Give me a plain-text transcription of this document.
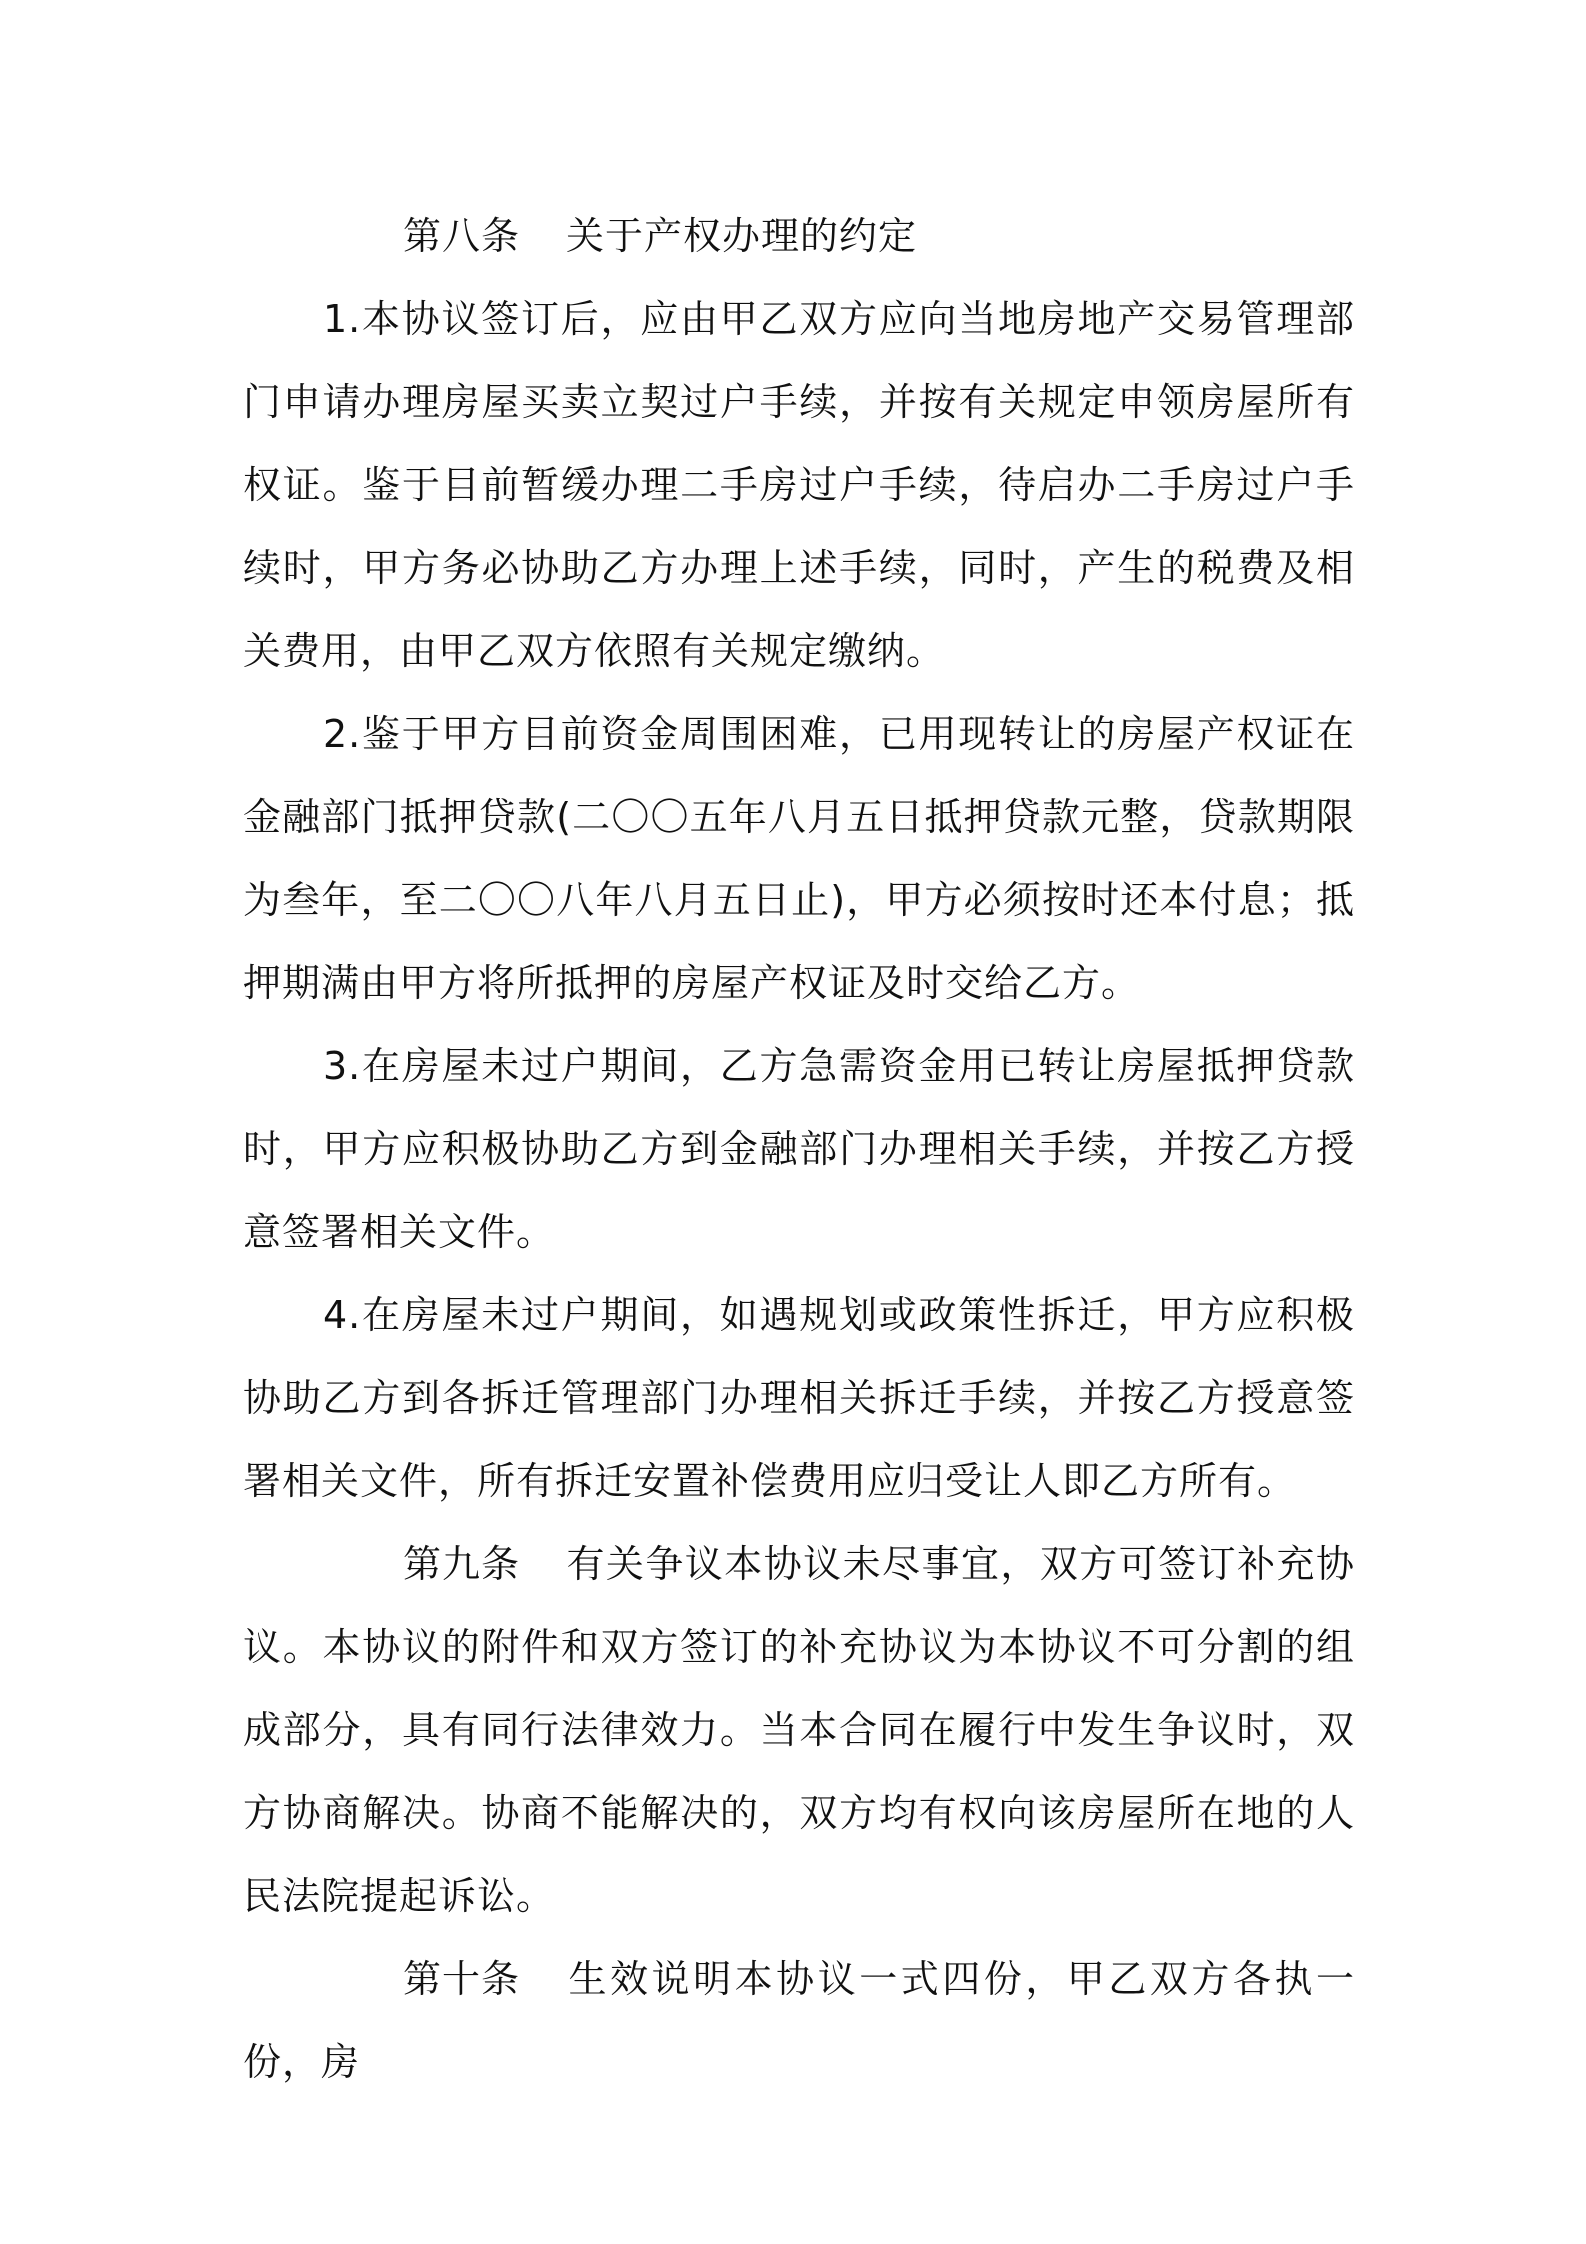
第八条 关于产权办理的约定

1.本协议签订后，应由甲乙双方应向当地房地产交易管理部门申请办理房屋买卖立契过户手续，并按有关规定申领房屋所有权证。鉴于目前暂缓办理二手房过户手续，待启办二手房过户手续时，甲方务必协助乙方办理上述手续，同时，产生的税费及相关费用，由甲乙双方依照有关规定缴纳。

2.鉴于甲方目前资金周围困难，已用现转让的房屋产权证在金融部门抵押贷款(二〇〇五年八月五日抵押贷款元整，贷款期限为叁年，至二〇〇八年八月五日止)，甲方必须按时还本付息；抵押期满由甲方将所抵押的房屋产权证及时交给乙方。

3.在房屋未过户期间，乙方急需资金用已转让房屋抵押贷款时，甲方应积极协助乙方到金融部门办理相关手续，并按乙方授意签署相关文件。

4.在房屋未过户期间，如遇规划或政策性拆迁，甲方应积极协助乙方到各拆迁管理部门办理相关拆迁手续，并按乙方授意签署相关文件，所有拆迁安置补偿费用应归受让人即乙方所有。

第九条 有关争议本协议未尽事宜，双方可签订补充协议。本协议的附件和双方签订的补充协议为本协议不可分割的组成部分，具有同行法律效力。当本合同在履行中发生争议时，双方协商解决。协商不能解决的，双方均有权向该房屋所在地的人民法院提起诉讼。

第十条 生效说明本协议一式四份，甲乙双方各执一份，房
